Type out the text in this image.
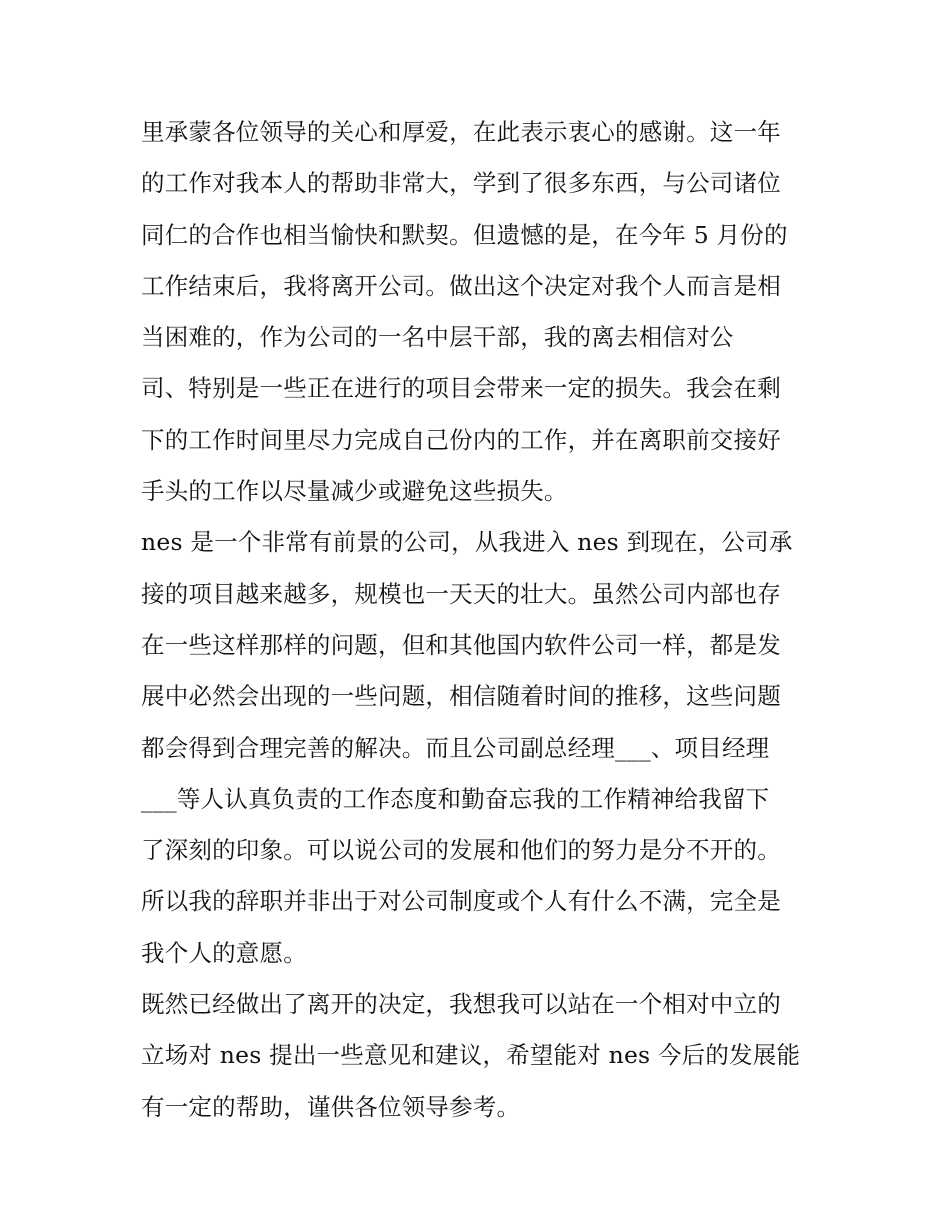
里承蒙各位领导的关心和厚爱，在此表示衷心的感谢。这一年
的工作对我本人的帮助非常大，学到了很多东西，与公司诸位
同仁的合作也相当愉快和默契。但遗憾的是，在今年 5 月份的
工作结束后，我将离开公司。做出这个决定对我个人而言是相
当困难的，作为公司的一名中层干部，我的离去相信对公
司、特别是一些正在进行的项目会带来一定的损失。我会在剩
下的工作时间里尽力完成自己份内的工作，并在离职前交接好
手头的工作以尽量减少或避免这些损失。
nes 是一个非常有前景的公司，从我进入 nes 到现在，公司承
接的项目越来越多，规模也一天天的壮大。虽然公司内部也存
在一些这样那样的问题，但和其他国内软件公司一样，都是发
展中必然会出现的一些问题，相信随着时间的推移，这些问题
都会得到合理完善的解决。而且公司副总经理___、项目经理
___等人认真负责的工作态度和勤奋忘我的工作精神给我留下
了深刻的印象。可以说公司的发展和他们的努力是分不开的。
所以我的辞职并非出于对公司制度或个人有什么不满，完全是
我个人的意愿。
既然已经做出了离开的决定，我想我可以站在一个相对中立的
立场对 nes 提出一些意见和建议，希望能对 nes 今后的发展能
有一定的帮助，谨供各位领导参考。
